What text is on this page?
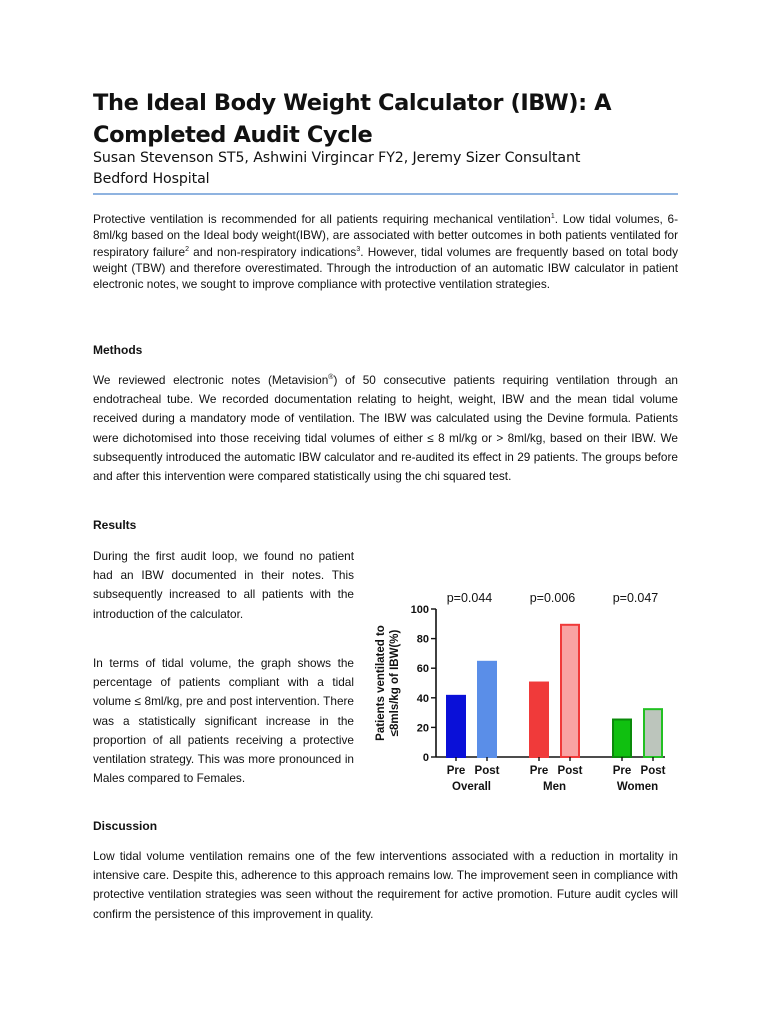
The Ideal Body Weight Calculator (IBW): A
Completed Audit Cycle
Susan Stevenson ST5, Ashwini Virgincar FY2, Jeremy Sizer Consultant
Bedford Hospital

Protective ventilation is recommended for all patients requiring mechanical ventilation$^1$. Low tidal volumes, 6-8ml/kg based on the Ideal body weight(IBW), are associated with better outcomes in both patients ventilated for respiratory failure$^2$ and non-respiratory indications$^3$. However, tidal volumes are frequently based on total body weight (TBW) and therefore overestimated. Through the introduction of an automatic IBW calculator in patient electronic notes, we sought to improve compliance with protective ventilation strategies.

Methods

We reviewed electronic notes (Metavision®) of 50 consecutive patients requiring ventilation through an endotracheal tube. We recorded documentation relating to height, weight, IBW and the mean tidal volume received during a mandatory mode of ventilation. The IBW was calculated using the Devine formula. Patients were dichotomised into those receiving tidal volumes of either ≤ 8 ml/kg or > 8ml/kg, based on their IBW. We subsequently introduced the automatic IBW calculator and re-audited its effect in 29 patients. The groups before and after this intervention were compared statistically using the chi squared test.

Results

During the first audit loop, we found no patient had an IBW documented in their notes. This subsequently increased to all patients with the introduction of the calculator.

In terms of tidal volume, the graph shows the percentage of patients compliant with a tidal volume ≤ 8ml/kg, pre and post intervention. There was a statistically significant increase in the proportion of all patients receiving a protective ventilation strategy. This was more pronounced in Males compared to Females.

0
20
40
60
80
100
Patients ventilated to ≤8mls/kg of IBW(%)
Pre Post	Pre Post	Pre Post
Overall
p=0.044
Men
p=0.006
Women
p=0.047
Discussion

Low tidal volume ventilation remains one of the few interventions associated with a reduction in mortality in intensive care. Despite this, adherence to this approach remains low. The improvement seen in compliance with protective ventilation strategies was seen without the requirement for active promotion. Future audit cycles will confirm the persistence of this improvement in quality.
